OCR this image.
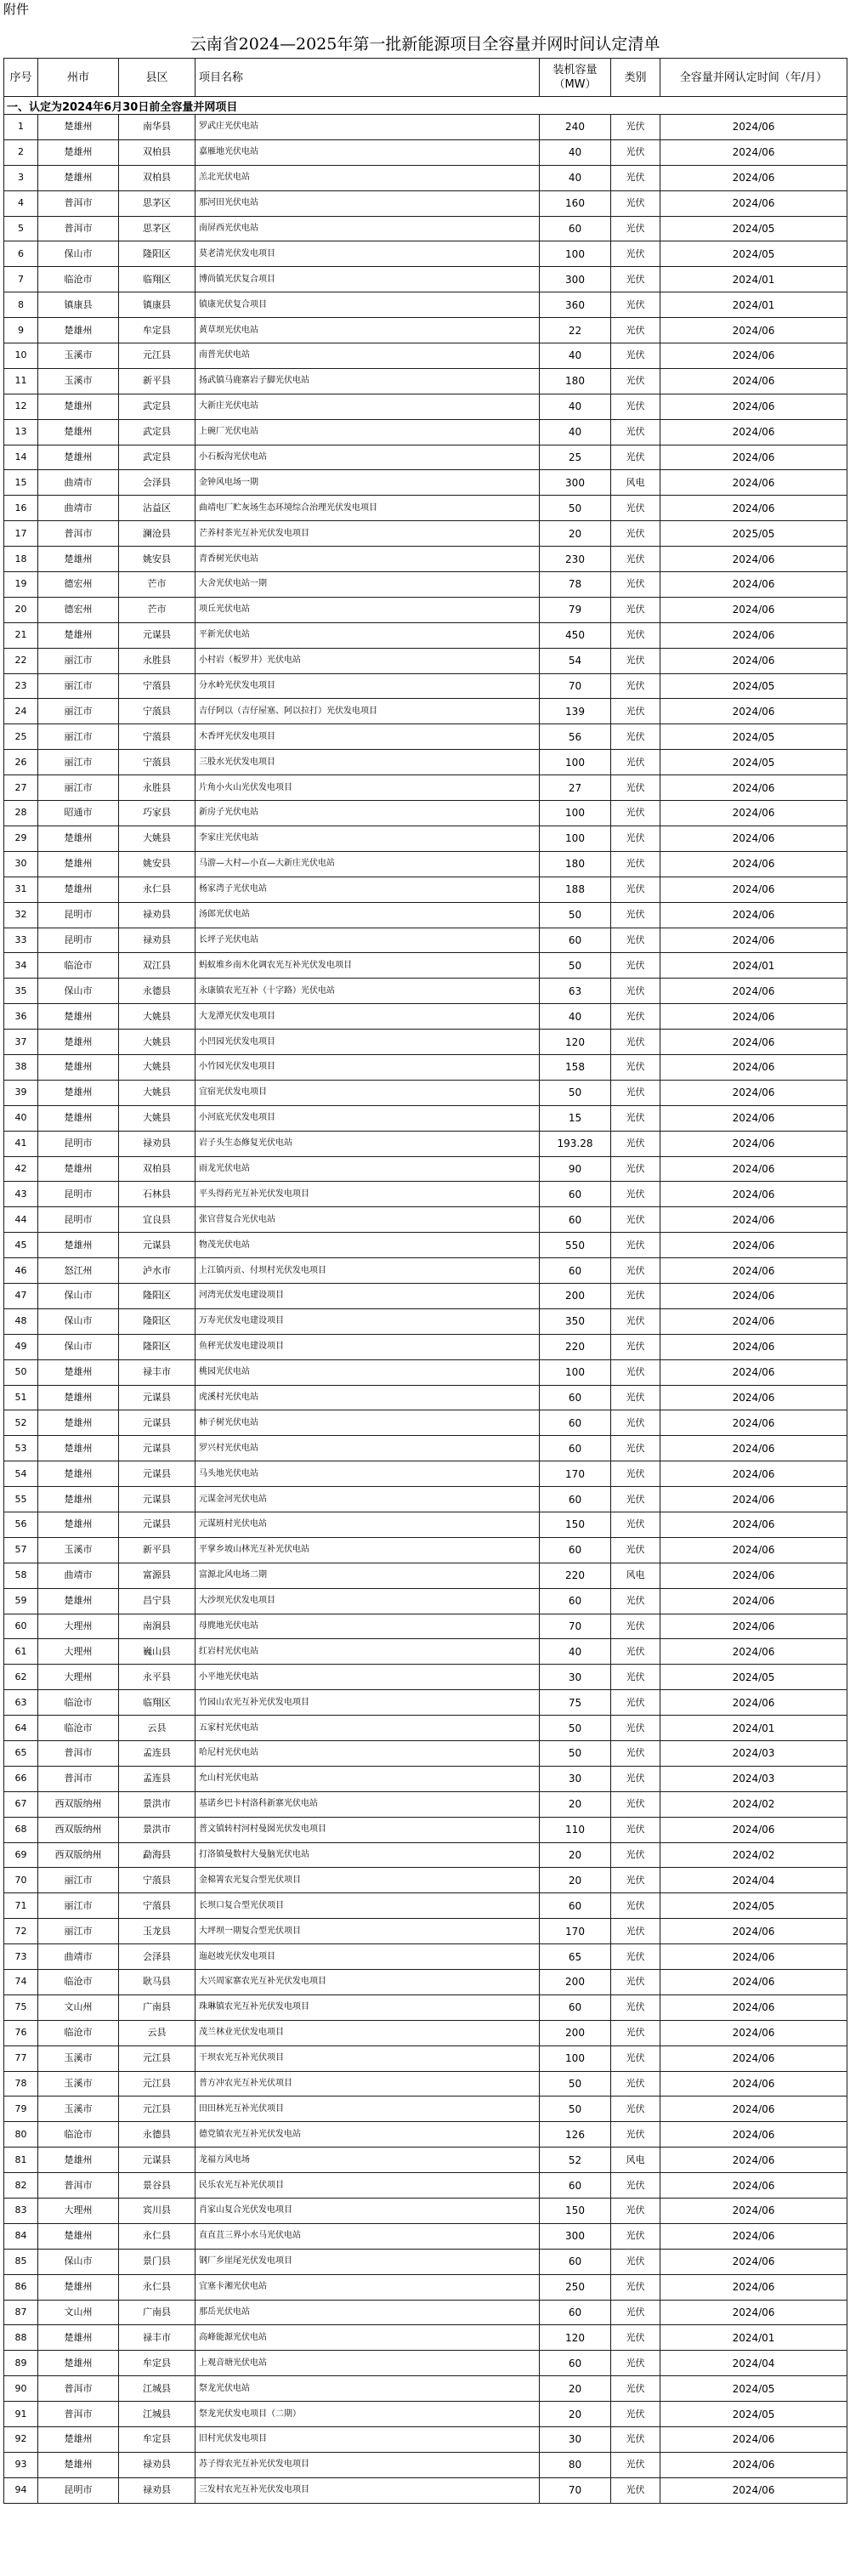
附件
云南省2024—2025年第一批新能源项目全容量并网时间认定清单
序号	州市	县区	项目名称	装机容量（MW）	类别	全容量并网认定时间（年/月）
一、认定为2024年6月30日前全容量并网项目						
1	楚雄州	南华县	罗武庄光伏电站	240	光伏	2024/06
2	楚雄州	双柏县	嘉雁地光伏电站	40	光伏	2024/06
3	楚雄州	双柏县	羔北光伏电站	40	光伏	2024/06
4	普洱市	思茅区	那河田光伏电站	160	光伏	2024/06
5	普洱市	思茅区	南屏西光伏电站	60	光伏	2024/05
6	保山市	隆阳区	莫老清光伏发电项目	100	光伏	2024/05
7	临沧市	临翔区	博尚镇光伏复合项目	300	光伏	2024/01
8	镇康县	镇康县	镇康光伏复合项目	360	光伏	2024/01
9	楚雄州	牟定县	黄草坝光伏电站	22	光伏	2024/06
10	玉溪市	元江县	南普光伏电站	40	光伏	2024/06
11	玉溪市	新平县	扬武镇马鹿寨岩子脚光伏电站	180	光伏	2024/06
12	楚雄州	武定县	大新庄光伏电站	40	光伏	2024/06
13	楚雄州	武定县	上碗厂光伏电站	40	光伏	2024/06
14	楚雄州	武定县	小石板沟光伏电站	25	光伏	2024/06
15	曲靖市	会泽县	金钟风电场一期	300	风电	2024/06
16	曲靖市	沾益区	曲靖电厂贮灰场生态环境综合治理光伏发电项目	50	光伏	2024/06
17	普洱市	澜沧县	芒养村茶光互补光伏发电项目	20	光伏	2025/05
18	楚雄州	姚安县	青香树光伏电站	230	光伏	2024/06
19	德宏州	芒市	大舍光伏电站一期	78	光伏	2024/06
20	德宏州	芒市	项丘光伏电站	79	光伏	2024/06
21	楚雄州	元谋县	平新光伏电站	450	光伏	2024/06
22	丽江市	永胜县	小村岩（板罗井）光伏电站	54	光伏	2024/06
23	丽江市	宁蒗县	分水岭光伏发电项目	70	光伏	2024/05
24	丽江市	宁蒗县	吉仔阿以（吉仔屋塞、阿以拉打）光伏发电项目	139	光伏	2024/06
25	丽江市	宁蒗县	木香坪光伏发电项目	56	光伏	2024/05
26	丽江市	宁蒗县	三股水光伏发电项目	100	光伏	2024/05
27	丽江市	永胜县	片角小火山光伏发电项目	27	光伏	2024/06
28	昭通市	巧家县	新房子光伏电站	100	光伏	2024/06
29	楚雄州	大姚县	李家庄光伏电站	100	光伏	2024/06
30	楚雄州	姚安县	马游—大村—小直—大新庄光伏电站	180	光伏	2024/06
31	楚雄州	永仁县	杨家湾子光伏电站	188	光伏	2024/06
32	昆明市	禄劝县	汤郎光伏电站	50	光伏	2024/06
33	昆明市	禄劝县	长坪子光伏电站	60	光伏	2024/06
34	临沧市	双江县	蚂蚁堆乡南木化调农光互补光伏发电项目	50	光伏	2024/01
35	保山市	永德县	永康镇农光互补（十字路）光伏电站	63	光伏	2024/06
36	楚雄州	大姚县	大龙潭光伏发电项目	40	光伏	2024/06
37	楚雄州	大姚县	小凹园光伏发电项目	120	光伏	2024/06
38	楚雄州	大姚县	小竹园光伏发电项目	158	光伏	2024/06
39	楚雄州	大姚县	宜宿光伏发电项目	50	光伏	2024/06
40	楚雄州	大姚县	小河底光伏发电项目	15	光伏	2024/06
41	昆明市	禄劝县	岩子头生态修复光伏电站	193.28	光伏	2024/06
42	楚雄州	双柏县	雨龙光伏电站	90	光伏	2024/06
43	昆明市	石林县	平头得药光互补光伏发电项目	60	光伏	2024/06
44	昆明市	宜良县	张官营复合光伏电站	60	光伏	2024/06
45	楚雄州	元谋县	物茂光伏电站	550	光伏	2024/06
46	怒江州	泸水市	上江镇丙贡、付坝村光伏发电项目	60	光伏	2024/06
47	保山市	隆阳区	河湾光伏发电建设项目	200	光伏	2024/06
48	保山市	隆阳区	万寿光伏发电建设项目	350	光伏	2024/06
49	保山市	隆阳区	鱼秤光伏发电建设项目	220	光伏	2024/06
50	楚雄州	禄丰市	桃园光伏电站	100	光伏	2024/06
51	楚雄州	元谋县	虎溪村光伏电站	60	光伏	2024/06
52	楚雄州	元谋县	柿子树光伏电站	60	光伏	2024/06
53	楚雄州	元谋县	罗兴村光伏电站	60	光伏	2024/06
54	楚雄州	元谋县	马头地光伏电站	170	光伏	2024/06
55	楚雄州	元谋县	元谋金河光伏电站	60	光伏	2024/06
56	楚雄州	元谋县	元谋班村光伏电站	150	光伏	2024/06
57	玉溪市	新平县	平掌乡坡山林光互补光伏电站	60	光伏	2024/06
58	曲靖市	富源县	富源北风电场二期	220	风电	2024/06
59	楚雄州	昌宁县	大沙坝光伏发电项目	60	光伏	2024/06
60	大理州	南涧县	母麂地光伏电站	70	光伏	2024/06
61	大理州	巍山县	红岩村光伏电站	40	光伏	2024/06
62	大理州	永平县	小平地光伏电站	30	光伏	2024/05
63	临沧市	临翔区	竹园山农光互补光伏发电项目	75	光伏	2024/06
64	临沧市	云县	五家村光伏电站	50	光伏	2024/01
65	普洱市	孟连县	哈尼村光伏电站	50	光伏	2024/03
66	普洱市	孟连县	允山村光伏电站	30	光伏	2024/03
67	西双版纳州	景洪市	基诺乡巴卡村洛科新寨光伏电站	20	光伏	2024/02
68	西双版纳州	景洪市	普文镇转村河村曼囡光伏发电项目	110	光伏	2024/06
69	西双版纳州	勐海县	打洛镇曼数村大曼脑光伏电站	20	光伏	2024/02
70	丽江市	宁蒗县	金棉箐农光复合型光伏项目	20	光伏	2024/04
71	丽江市	宁蒗县	长坝口复合型光伏项目	60	光伏	2024/05
72	丽江市	玉龙县	大坪坝一期复合型光伏项目	170	光伏	2024/06
73	曲靖市	会泽县	迤赵坡光伏发电项目	65	光伏	2024/06
74	临沧市	耿马县	大兴周家寨农光互补光伏发电项目	200	光伏	2024/06
75	文山州	广南县	珠琳镇农光互补光伏发电项目	60	光伏	2024/06
76	临沧市	云县	茂兰林业光伏发电项目	200	光伏	2024/06
77	玉溪市	元江县	干坝农光互补光伏项目	100	光伏	2024/06
78	玉溪市	元江县	普方冲农光互补光伏项目	50	光伏	2024/06
79	玉溪市	元江县	田田林光互补光伏项目	50	光伏	2024/06
80	临沧市	永德县	德党镇农光互补光伏发电站	126	光伏	2024/06
81	楚雄州	元谋县	龙福方风电场	52	风电	2024/06
82	普洱市	景谷县	民乐农光互补光伏项目	60	光伏	2024/06
83	大理州	宾川县	肖家山复合光伏发电项目	150	光伏	2024/06
84	楚雄州	永仁县	直直苴三界小水马光伏电站	300	光伏	2024/06
85	保山市	景门县	钢厂乡崖尾光伏发电项目	60	光伏	2024/06
86	楚雄州	永仁县	宜塞卡湘光伏电站	250	光伏	2024/06
87	文山州	广南县	那岳光伏电站	60	光伏	2024/06
88	楚雄州	禄丰市	高峰能源光伏电站	120	光伏	2024/01
89	楚雄州	牟定县	上观音塘光伏电站	60	光伏	2024/04
90	普洱市	江城县	祭龙光伏电站	20	光伏	2024/05
91	普洱市	江城县	祭龙光伏发电项目（二期）	20	光伏	2024/05
92	楚雄州	牟定县	旧村光伏发电项目	30	光伏	2024/06
93	楚雄州	禄劝县	苏子得农光互补光伏发电项目	80	光伏	2024/06
94	昆明市	禄劝县	三发村农光互补光伏发电项目	70	光伏	2024/06
